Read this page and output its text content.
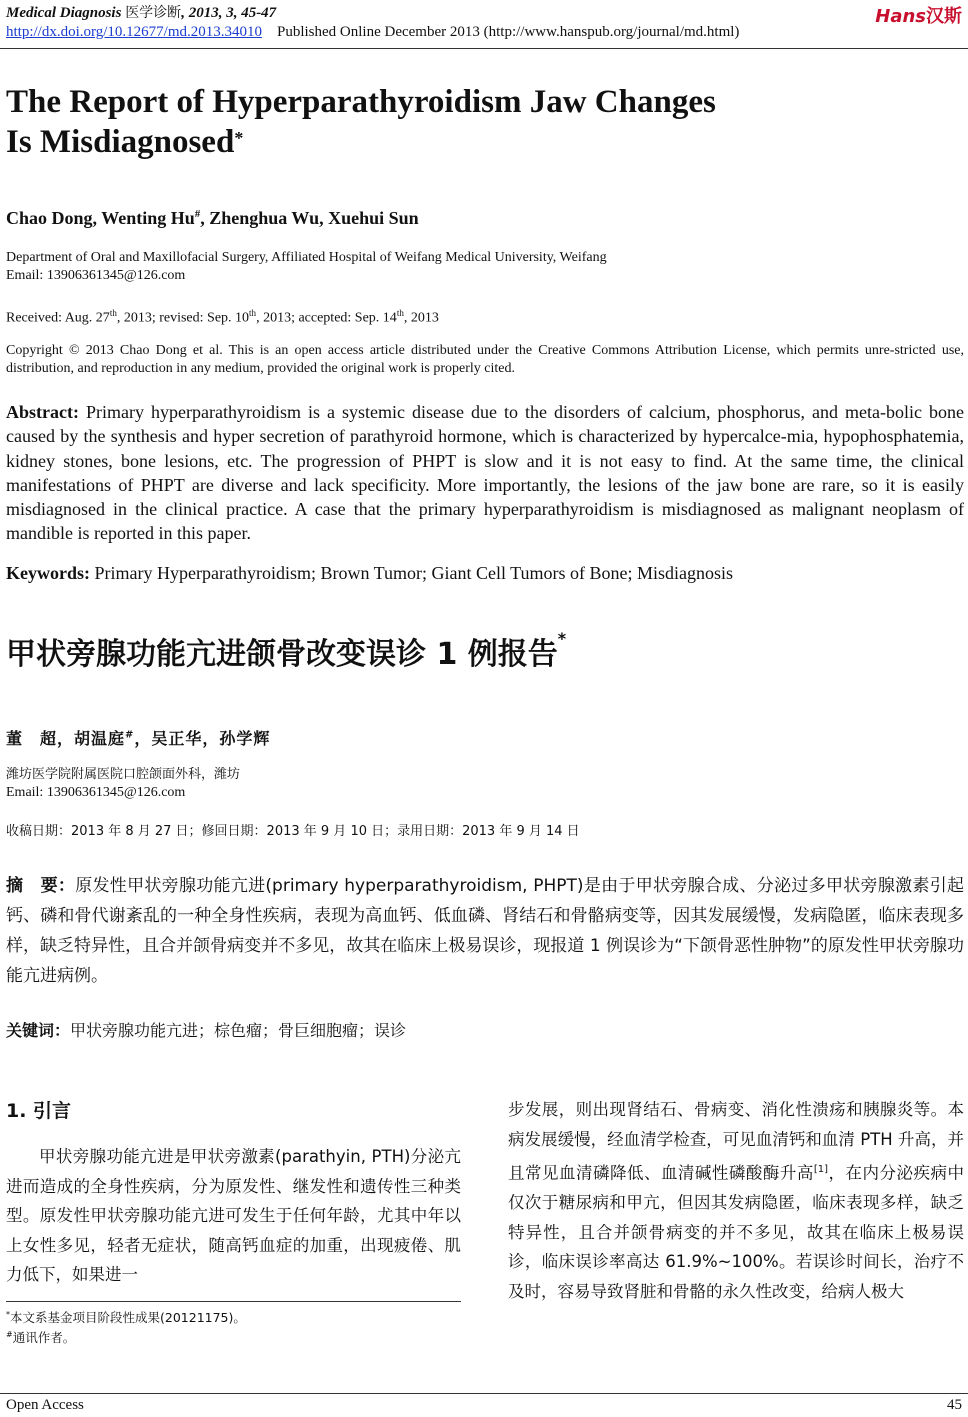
Medical Diagnosis 医学诊断, 2013, 3, 45-47
http://dx.doi.org/10.12677/md.2013.34010 Published Online December 2013 (http://www.hanspub.org/journal/md.html)
Hans汉斯
The Report of Hyperparathyroidism Jaw Changes
Is Misdiagnosed*
Chao Dong, Wenting Hu#, Zhenghua Wu, Xuehui Sun
Department of Oral and Maxillofacial Surgery, Affiliated Hospital of Weifang Medical University, Weifang
Email: 13906361345@126.com
Received: Aug. 27th, 2013; revised: Sep. 10th, 2013; accepted: Sep. 14th, 2013
Copyright © 2013 Chao Dong et al. This is an open access article distributed under the Creative Commons Attribution License, which permits unre-stricted use, distribution, and reproduction in any medium, provided the original work is properly cited.
Abstract: Primary hyperparathyroidism is a systemic disease due to the disorders of calcium, phosphorus, and meta-bolic bone caused by the synthesis and hyper secretion of parathyroid hormone, which is characterized by hypercalce-mia, hypophosphatemia, kidney stones, bone lesions, etc. The progression of PHPT is slow and it is not easy to find. At the same time, the clinical manifestations of PHPT are diverse and lack specificity. More importantly, the lesions of the jaw bone are rare, so it is easily misdiagnosed in the clinical practice. A case that the primary hyperparathyroidism is misdiagnosed as malignant neoplasm of mandible is reported in this paper.
Keywords: Primary Hyperparathyroidism; Brown Tumor; Giant Cell Tumors of Bone; Misdiagnosis
甲状旁腺功能亢进颌骨改变误诊 1 例报告*
董　超，胡温庭#，吴正华，孙学辉
潍坊医学院附属医院口腔颌面外科，潍坊
Email: 13906361345@126.com
收稿日期：2013 年 8 月 27 日；修回日期：2013 年 9 月 10 日；录用日期：2013 年 9 月 14 日
摘　要：原发性甲状旁腺功能亢进(primary hyperparathyroidism, PHPT)是由于甲状旁腺合成、分泌过多甲状旁腺激素引起钙、磷和骨代谢紊乱的一种全身性疾病，表现为高血钙、低血磷、肾结石和骨骼病变等，因其发展缓慢，发病隐匿，临床表现多样，缺乏特异性，且合并颌骨病变并不多见，故其在临床上极易误诊，现报道 1 例误诊为“下颌骨恶性肿物”的原发性甲状旁腺功能亢进病例。
关键词：甲状旁腺功能亢进；棕色瘤；骨巨细胞瘤；误诊
1. 引言
甲状旁腺功能亢进是甲状旁激素(parathyin, PTH)分泌亢进而造成的全身性疾病，分为原发性、继发性和遗传性三种类型。原发性甲状旁腺功能亢进可发生于任何年龄，尤其中年以上女性多见，轻者无症状，随高钙血症的加重，出现疲倦、肌力低下，如果进一
步发展，则出现肾结石、骨病变、消化性溃疡和胰腺炎等。本病发展缓慢，经血清学检查，可见血清钙和血清 PTH 升高，并且常见血清磷降低、血清碱性磷酸酶升高[1]，在内分泌疾病中仅次于糖尿病和甲亢，但因其发病隐匿，临床表现多样，缺乏特异性，且合并颌骨病变的并不多见，故其在临床上极易误诊，临床误诊率高达 61.9%~100%。若误诊时间长，治疗不及时，容易导致肾脏和骨骼的永久性改变，给病人极大
*本文系基金项目阶段性成果(20121175)。
#通讯作者。
Open Access	45
